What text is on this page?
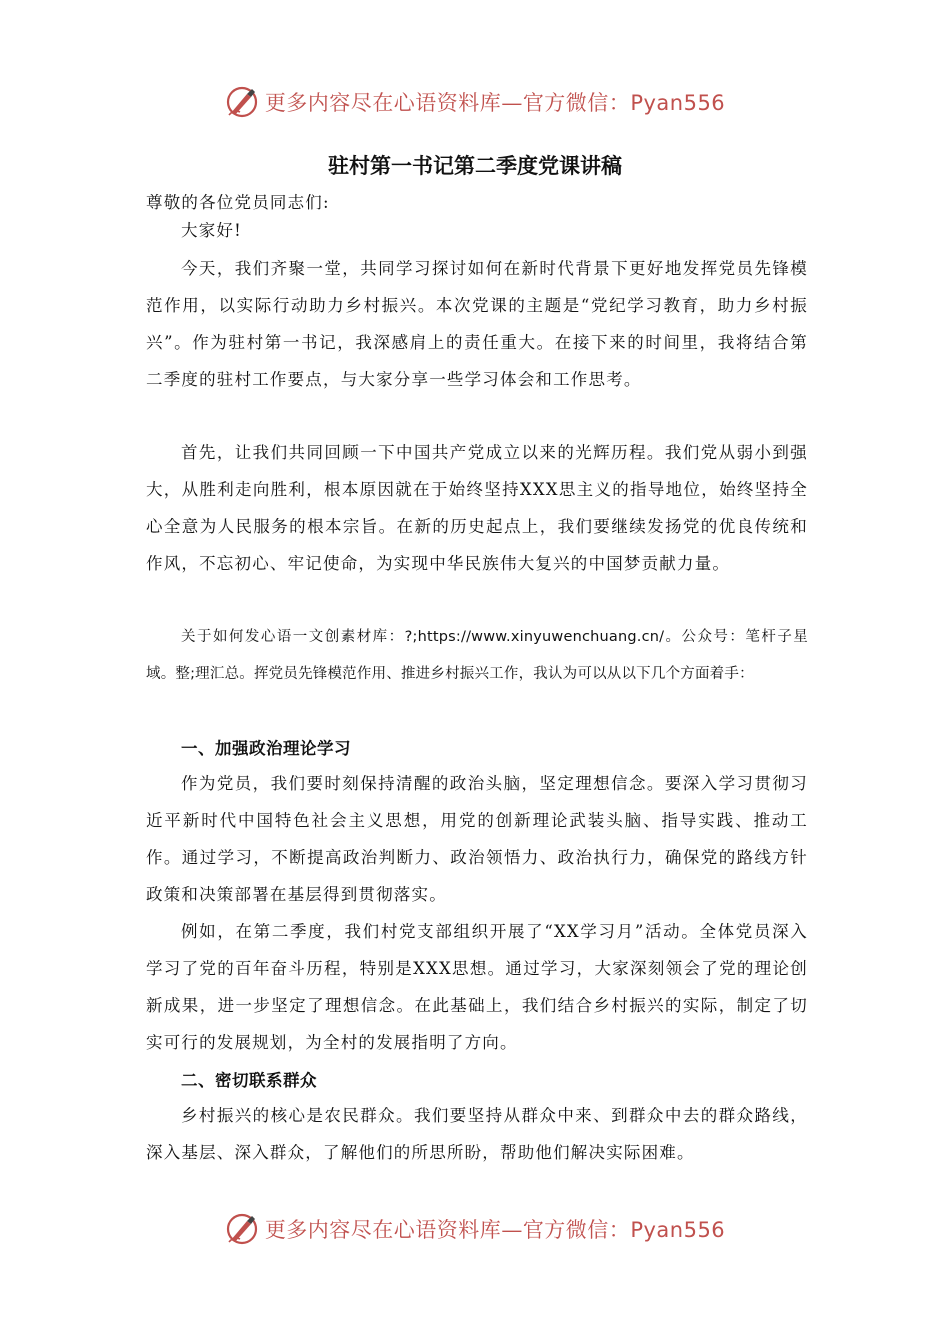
更多内容尽在心语资料库—官方微信：Pyan556
驻村第一书记第二季度党课讲稿
尊敬的各位党员同志们:
大家好!
今天，我们齐聚一堂，共同学习探讨如何在新时代背景下更好地发挥党员先锋模范作用，以实际行动助力乡村振兴。本次党课的主题是“党纪学习教育，助力乡村振兴”。作为驻村第一书记，我深感肩上的责任重大。在接下来的时间里，我将结合第二季度的驻村工作要点，与大家分享一些学习体会和工作思考。
首先，让我们共同回顾一下中国共产党成立以来的光辉历程。我们党从弱小到强大，从胜利走向胜利，根本原因就在于始终坚持XXX思主义的指导地位，始终坚持全心全意为人民服务的根本宗旨。在新的历史起点上，我们要继续发扬党的优良传统和作风，不忘初心、牢记使命，为实现中华民族伟大复兴的中国梦贡献力量。
关于如何发心语一文创素材库：?;https://www.xinyuwenchuang.cn/。公众号：笔杆子星域。整;理汇总。挥党员先锋模范作用、推进乡村振兴工作，我认为可以从以下几个方面着手：
一、加强政治理论学习
作为党员，我们要时刻保持清醒的政治头脑，坚定理想信念。要深入学习贯彻习近平新时代中国特色社会主义思想，用党的创新理论武装头脑、指导实践、推动工作。通过学习，不断提高政治判断力、政治领悟力、政治执行力，确保党的路线方针政策和决策部署在基层得到贯彻落实。
例如，在第二季度，我们村党支部组织开展了“XX学习月”活动。全体党员深入学习了党的百年奋斗历程，特别是XXX思想。通过学习，大家深刻领会了党的理论创新成果，进一步坚定了理想信念。在此基础上，我们结合乡村振兴的实际，制定了切实可行的发展规划，为全村的发展指明了方向。
二、密切联系群众
乡村振兴的核心是农民群众。我们要坚持从群众中来、到群众中去的群众路线，深入基层、深入群众，了解他们的所思所盼，帮助他们解决实际困难。
更多内容尽在心语资料库—官方微信：Pyan556
